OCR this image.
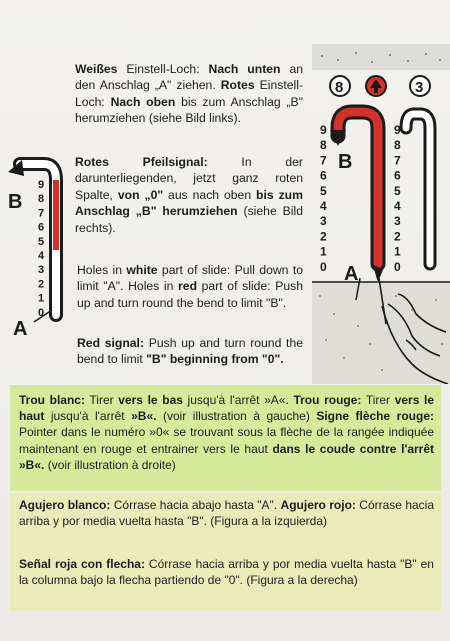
9
8
7
6
5
4
3
2
1
0
B
A
8	3
9
8
7
6
5
4
3
2
1
0
9
8
7
6
5
4
3
2
1
0
B
A

Weißes Einstell-Loch: Nach unten an den Anschlag „A" ziehen. Rotes Einstell-Loch: Nach oben bis zum Anschlag „B" herumziehen (siehe Bild links).

Rotes Pfeilsignal: In der darunterliegenden, jetzt ganz roten Spalte, von „0" aus nach oben bis zum Anschlag „B" herumziehen (siehe Bild rechts).

Holes in white part of slide: Pull down to limit "A". Holes in red part of slide: Push up and turn round the bend to limit "B".

Red signal: Push up and turn round the bend to limit "B" beginning from "0".

Trou blanc: Tirer vers le bas jusqu'à l'arrêt »A«. Trou rouge: Tirer vers le haut jusqu'à l'arrêt »B«. (voir illustration à gauche) Signe flèche rouge: Pointer dans le numéro »0« se trouvant sous la flèche de la rangée indiquée maintenant en rouge et entrainer vers le haut dans le coude contre l'arrêt »B«. (voir illustration à droite)

Agujero blanco: Córrase hacia abajo hasta "A". Agujero rojo: Córrase hacia arriba y por media vuelta hasta "B". (Figura a la izquierda)

Señal roja con flecha: Córrase hacia arriba y por media vuelta hasta "B" en la columna bajo la flecha partiendo de "0". (Figura a la derecha)
